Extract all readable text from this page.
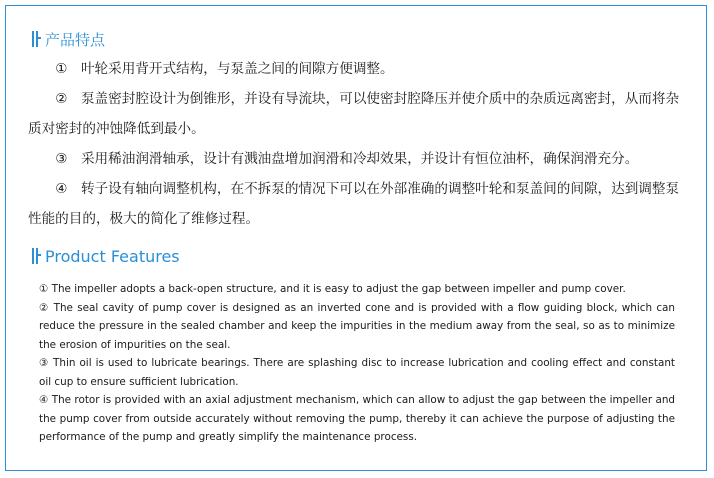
产品特点

①　叶轮采用背开式结构，与泵盖之间的间隙方便调整。

②　泵盖密封腔设计为倒锥形，并设有导流块，可以使密封腔降压并使介质中的杂质远离密封，从而将杂质对密封的冲蚀降低到最小。

③　采用稀油润滑轴承，设计有溅油盘增加润滑和冷却效果，并设计有恒位油杯，确保润滑充分。

④　转子设有轴向调整机构，在不拆泵的情况下可以在外部准确的调整叶轮和泵盖间的间隙，达到调整泵性能的目的，极大的简化了维修过程。

Product Features

① The impeller adopts a back-open structure, and it is easy to adjust the gap between impeller and pump cover.

② The seal cavity of pump cover is designed as an inverted cone and is provided with a flow guiding block, which can reduce the pressure in the sealed chamber and keep the impurities in the medium away from the seal, so as to minimize the erosion of impurities on the seal.

③ Thin oil is used to lubricate bearings. There are splashing disc to increase lubrication and cooling effect and constant oil cup to ensure sufficient lubrication.

④ The rotor is provided with an axial adjustment mechanism, which can allow to adjust the gap between the impeller and the pump cover from outside accurately without removing the pump, thereby it can achieve the purpose of adjusting the performance of the pump and greatly simplify the maintenance process.
